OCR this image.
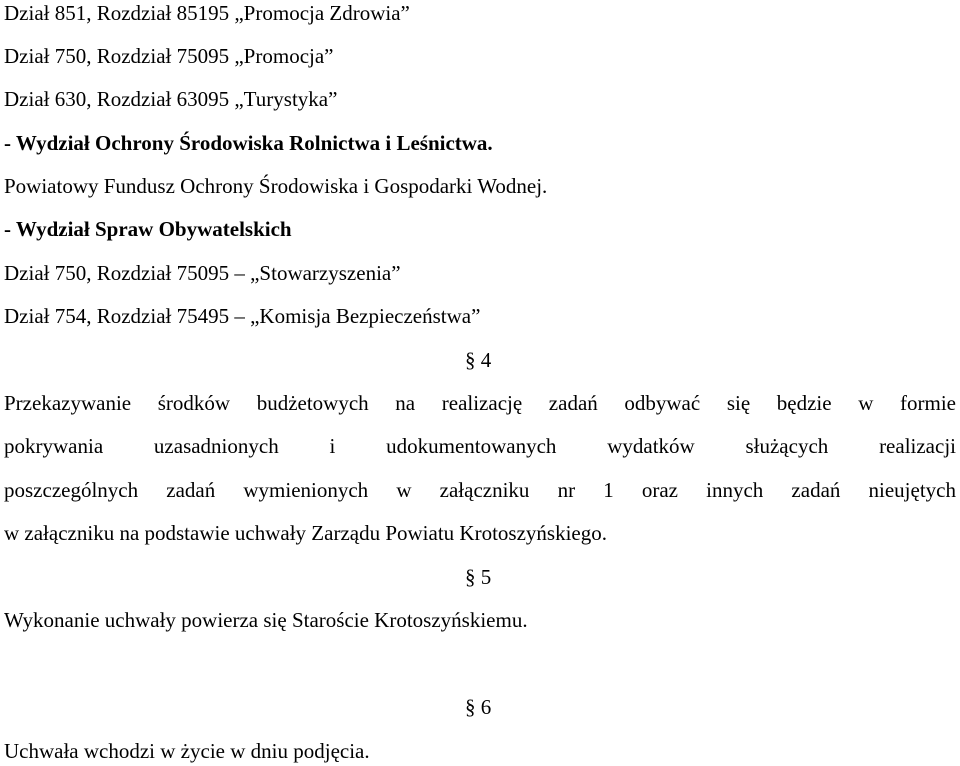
Dział 851, Rozdział 85195 „Promocja Zdrowia”
Dział 750, Rozdział 75095 „Promocja”
Dział 630, Rozdział 63095 „Turystyka”
- Wydział Ochrony Środowiska Rolnictwa i Leśnictwa.
Powiatowy Fundusz Ochrony Środowiska i Gospodarki Wodnej.
- Wydział Spraw Obywatelskich
Dział 750, Rozdział 75095 – „Stowarzyszenia”
Dział 754, Rozdział 75495 – „Komisja Bezpieczeństwa”
§ 4
Przekazywanie środków budżetowych na realizację zadań odbywać się będzie w formie
pokrywania uzasadnionych i udokumentowanych wydatków służących realizacji
poszczególnych zadań wymienionych w załączniku nr 1 oraz innych zadań nieujętych
w załączniku na podstawie uchwały Zarządu Powiatu Krotoszyńskiego.
§ 5
Wykonanie uchwały powierza się Staroście Krotoszyńskiemu.
§ 6
Uchwała wchodzi w życie w dniu podjęcia.
